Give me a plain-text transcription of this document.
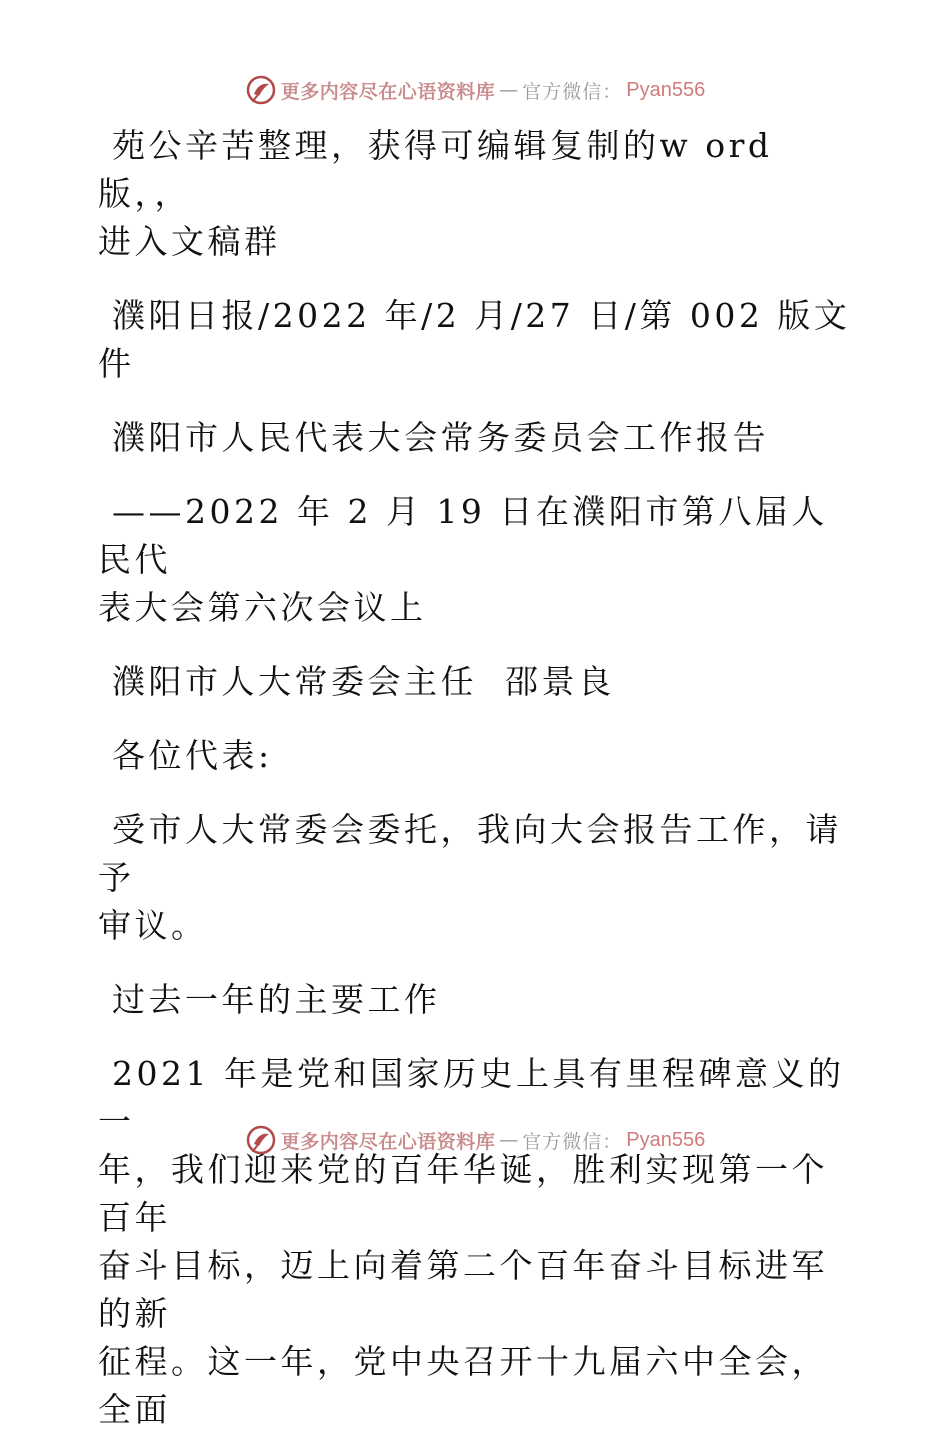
更多内容尽在心语资料库 — 官方微信： Pyan556

苑公辛苦整理，获得可编辑复制的w ord版，，

进入文稿群

濮阳日报/2022 年/2 月/27 日/第 002 版文件

濮阳市人民代表大会常务委员会工作报告

——2022 年 2 月 19 日在濮阳市第八届人民代

表大会第六次会议上

濮阳市人大常委会主任  邵景良

各位代表:

受市人大常委会委托，我向大会报告工作，请予

审议。

过去一年的主要工作

2021 年是党和国家历史上具有里程碑意义的一

年，我们迎来党的百年华诞，胜利实现第一个百年

奋斗目标，迈上向着第二个百年奋斗目标进军的新

征程。这一年，党中央召开十九届六中全会，全面

更多内容尽在心语资料库 — 官方微信： Pyan556
